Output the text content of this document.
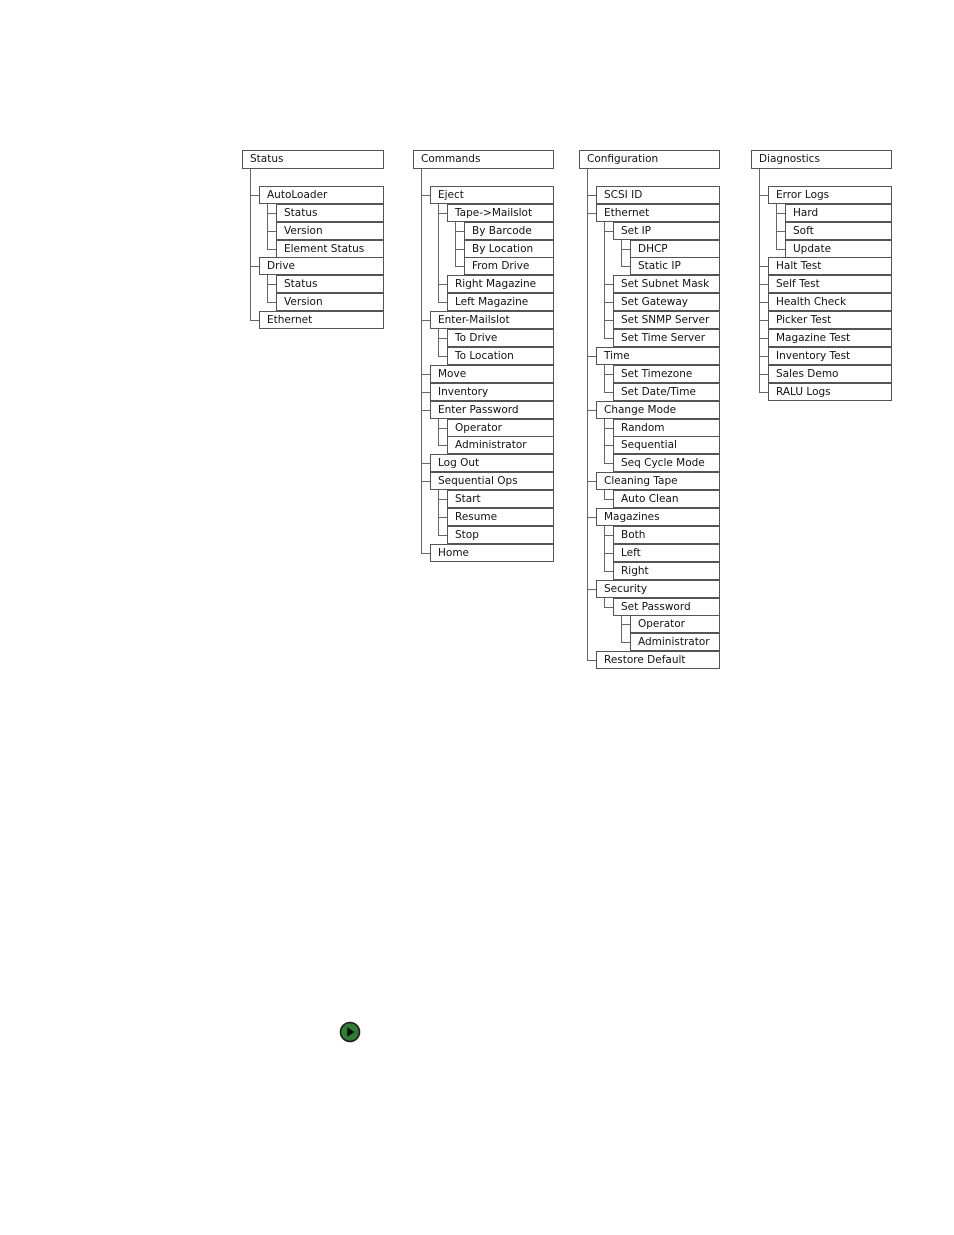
Status
AutoLoader
Status
Version
Element Status
Drive
Status
Version
Ethernet
Commands
Eject
Tape->Mailslot
By Barcode
By Location
From Drive
Right Magazine
Left Magazine
Enter-Mailslot
To Drive
To Location
Move
Inventory
Enter Password
Operator
Administrator
Log Out
Sequential Ops
Start
Resume
Stop
Home
Configuration
SCSI ID
Ethernet
Set IP
DHCP
Static IP
Set Subnet Mask
Set Gateway
Set SNMP Server
Set Time Server
Time
Set Timezone
Set Date/Time
Change Mode
Random
Sequential
Seq Cycle Mode
Cleaning Tape
Auto Clean
Magazines
Both
Left
Right
Security
Set Password
Operator
Administrator
Restore Default
Diagnostics
Error Logs
Hard
Soft
Update
Halt Test
Self Test
Health Check
Picker Test
Magazine Test
Inventory Test
Sales Demo
RALU Logs
